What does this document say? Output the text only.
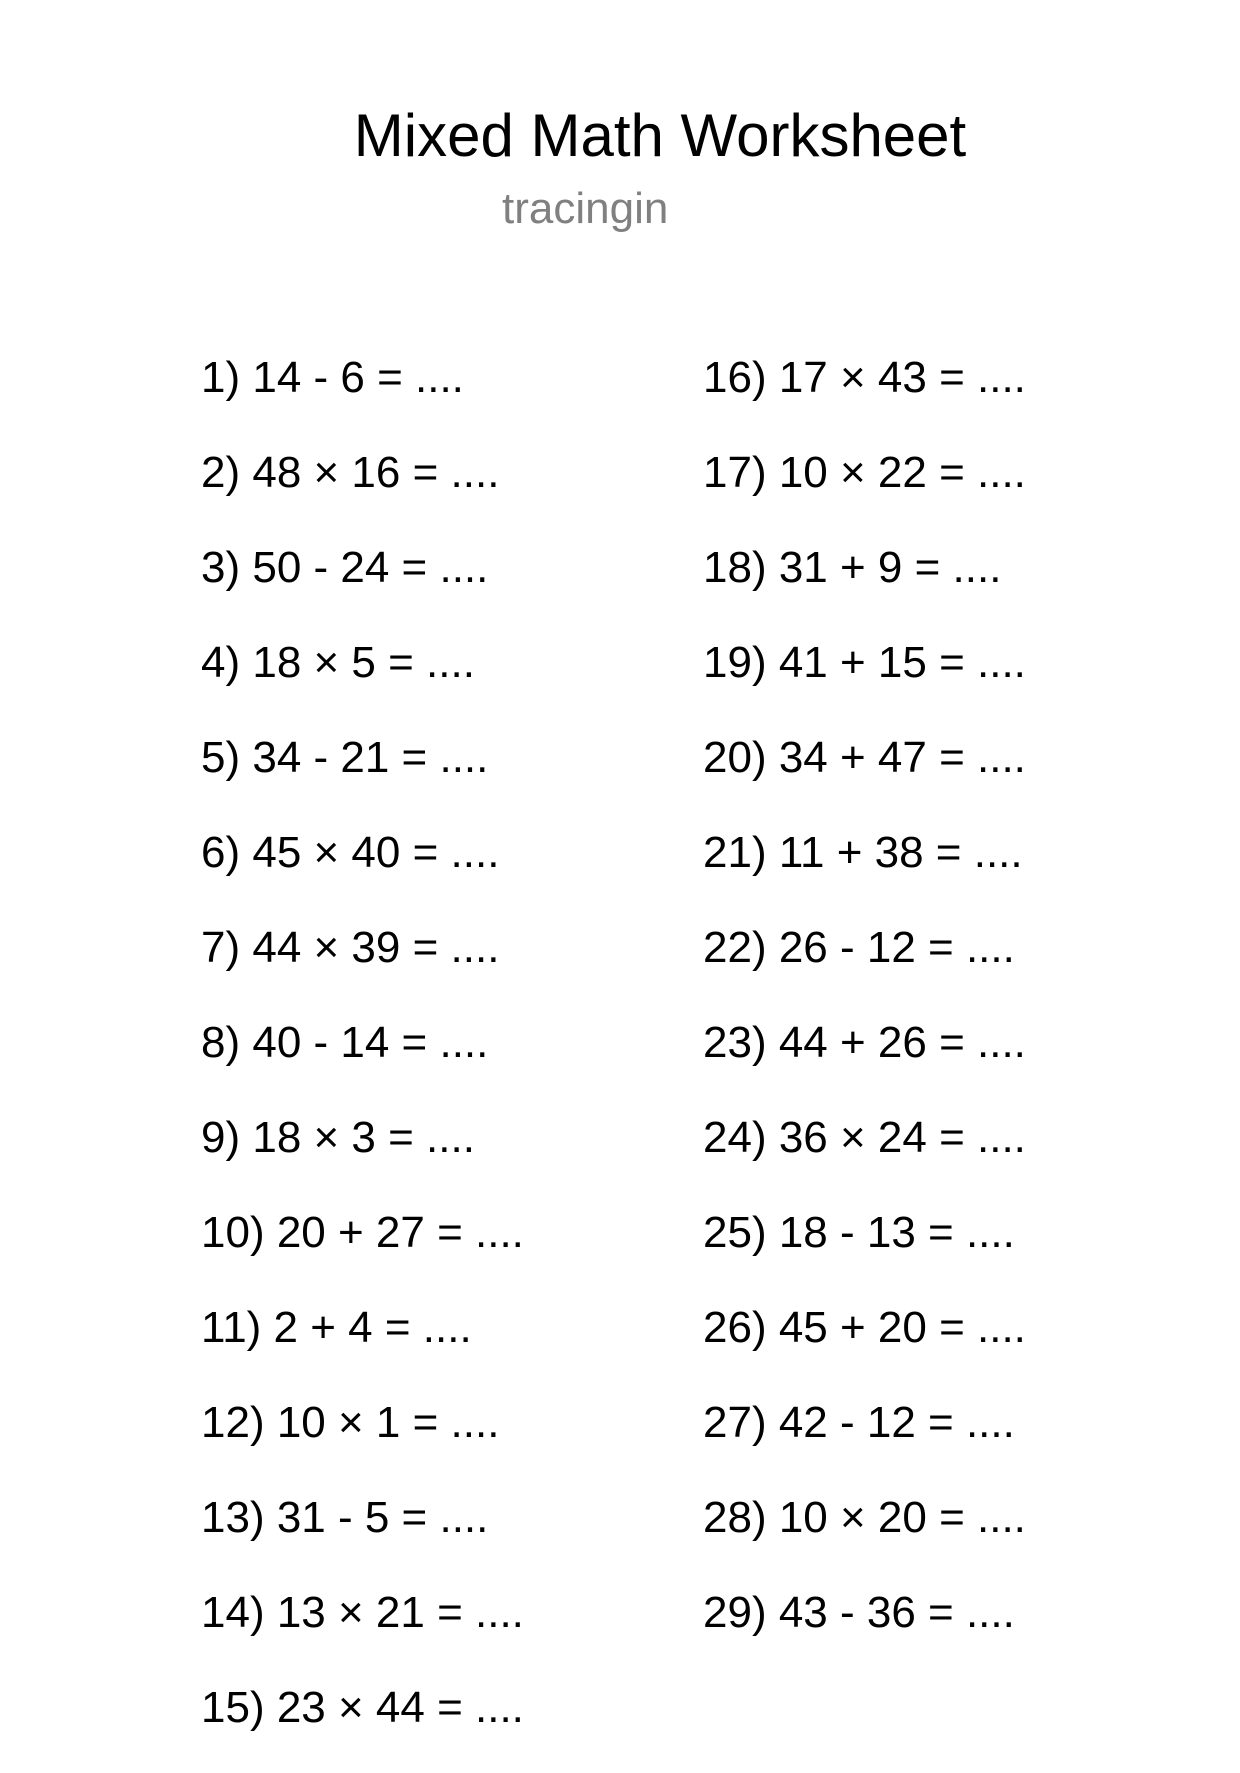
Mixed Math Worksheet
tracingin
1) 14 - 6 = ....
2) 48 × 16 = ....
3) 50 - 24 = ....
4) 18 × 5 = ....
5) 34 - 21 = ....
6) 45 × 40 = ....
7) 44 × 39 = ....
8) 40 - 14 = ....
9) 18 × 3 = ....
10) 20 + 27 = ....
11) 2 + 4 = ....
12) 10 × 1 = ....
13) 31 - 5 = ....
14) 13 × 21 = ....
15) 23 × 44 = ....
16) 17 × 43 = ....
17) 10 × 22 = ....
18) 31 + 9 = ....
19) 41 + 15 = ....
20) 34 + 47 = ....
21) 11 + 38 = ....
22) 26 - 12 = ....
23) 44 + 26 = ....
24) 36 × 24 = ....
25) 18 - 13 = ....
26) 45 + 20 = ....
27) 42 - 12 = ....
28) 10 × 20 = ....
29) 43 - 36 = ....
